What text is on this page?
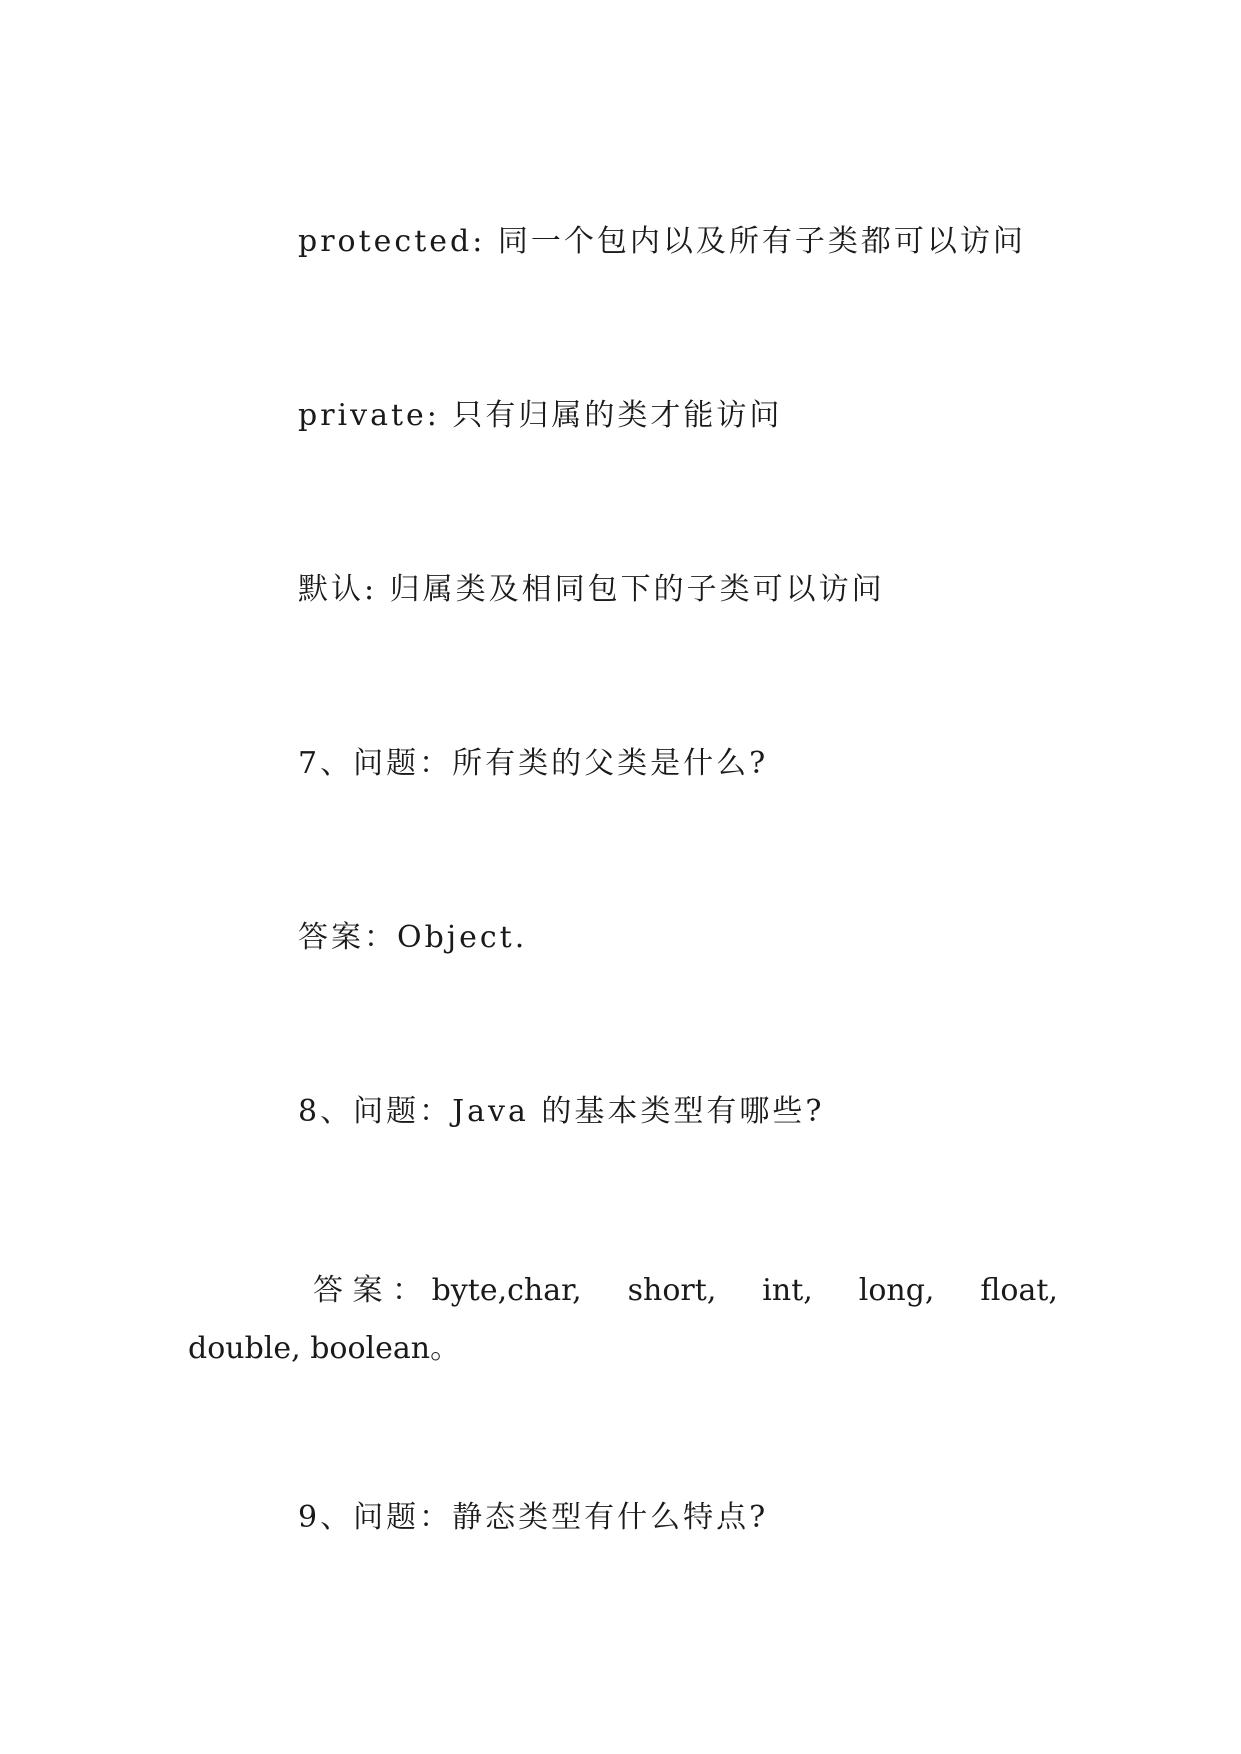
protected: 同一个包内以及所有子类都可以访问
private: 只有归属的类才能访问
默认: 归属类及相同包下的子类可以访问
7、问题：所有类的父类是什么?
答案：Object.
8、问题：Java 的基本类型有哪些?
答 案 ： byte,char, short, int, long, float,
double, boolean。
9、问题：静态类型有什么特点?
